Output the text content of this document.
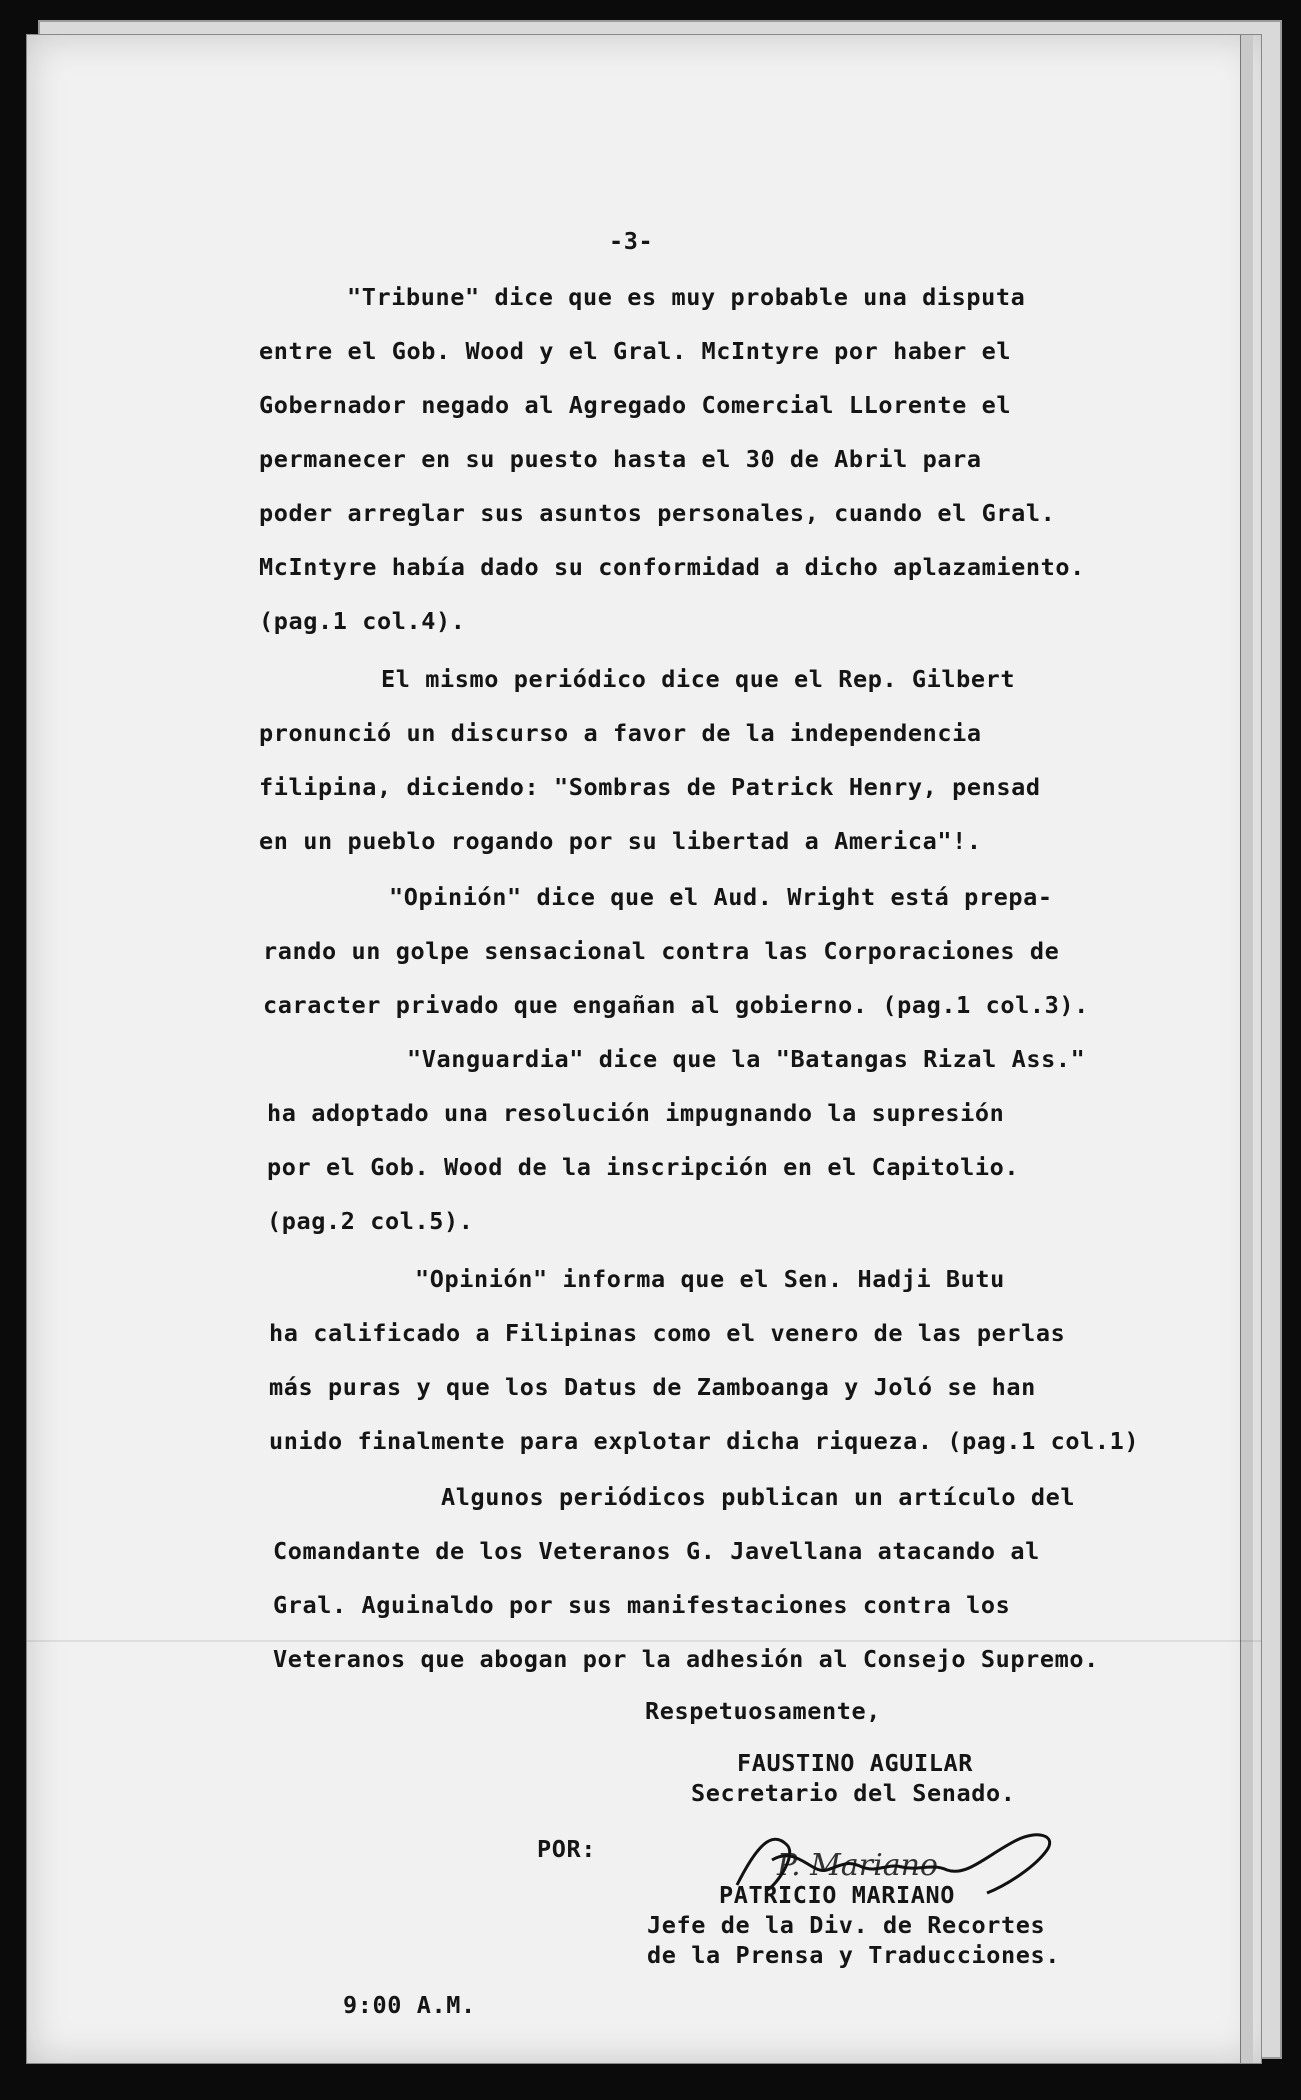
-3-
"Tribune" dice que es muy probable una disputa
entre el Gob. Wood y el Gral. McIntyre por haber el
Gobernador negado al Agregado Comercial LLorente el
permanecer en su puesto hasta el 30 de Abril para
poder arreglar sus asuntos personales, cuando el Gral.
McIntyre había dado su conformidad a dicho aplazamiento.
(pag.1 col.4).
El mismo periódico dice que el Rep. Gilbert
pronunció un discurso a favor de la independencia
filipina, diciendo: "Sombras de Patrick Henry, pensad
en un pueblo rogando por su libertad a America"!.
"Opinión" dice que el Aud. Wright está prepa-
rando un golpe sensacional contra las Corporaciones de
caracter privado que engañan al gobierno. (pag.1 col.3).
"Vanguardia" dice que la "Batangas Rizal Ass."
ha adoptado una resolución impugnando la supresión
por el Gob. Wood de la inscripción en el Capitolio.
(pag.2 col.5).
"Opinión" informa que el Sen. Hadji Butu
ha calificado a Filipinas como el venero de las perlas
más puras y que los Datus de Zamboanga y Joló se han
unido finalmente para explotar dicha riqueza. (pag.1 col.1)
Algunos periódicos publican un artículo del
Comandante de los Veteranos G. Javellana atacando al
Gral. Aguinaldo por sus manifestaciones contra los
Veteranos que abogan por la adhesión al Consejo Supremo.
Respetuosamente,
FAUSTINO AGUILAR
Secretario del Senado.
POR:	P. Mariano
PATRICIO MARIANO
Jefe de la Div. de Recortes
de la Prensa y Traducciones.
9:00 A.M.
